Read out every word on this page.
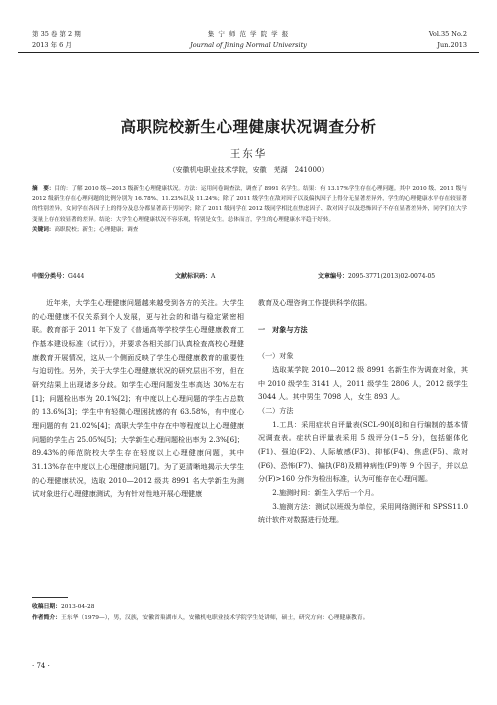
第 35 卷 第 2 期
2013 年 6 月
集 宁 师 范 学 院 学 报
Journal of Jining Normal University
Vol.35 No.2
Jun.2013
高职院校新生心理健康状况调查分析
王东华
（安徽机电职业技术学院，安徽　芜湖　241000）
摘　要：目的：了解 2010 级—2013 级新生心理健康状况。方法：运用问卷调查法，调查了 8991 名学生。结果：有 13.17%学生存在心理问题。其中 2010 级、2011 级与 2012 级新生存在心理问题的比例分别为 16.78%、11.23%以及 11.24%；除了 2011 级学生在敌对因子以及偏执因子上得分无显著差异外，学生的心理健康水平存在较显著的性别差异，女同学在各因子上的得分及总分都显著高于男同学；除了 2011 级同学在 2012 级同学相比在焦虑因子、敌对因子以及恐怖因子不存在显著差异外，同学们在大学变量上存在较显著的差异。结论：大学生心理健康状况不容乐观，特别是女生。总体而言，学生的心理健康水平趋于好转。
关键词：高职院校；新生；心理健康；调查
中图分类号：G444	文献标识码：A	文章编号：2095-3771(2013)02-0074-05

近年来，大学生心理健康问题越来越受到各方的关注。大学生的心理健康不仅关系到个人发展，更与社会的和谐与稳定紧密相联。教育部于 2011 年下发了《普通高等学校学生心理健康教育工作基本建设标准（试行）》，并要求各相关部门认真检查高校心理健康教育开展情况，这从一个侧面反映了学生心理健康教育的重要性与迫切性。另外，关于大学生心理健康状况的研究层出不穷，但在研究结果上出现诸多分歧。如学生心理问题发生率高达 30%左右[1]；问题检出率为 20.1%[2]；有中度以上心理问题的学生占总数的 13.6%[3]；学生中有轻微心理困扰感的有 63.58%，有中度心理问题的有 21.02%[4]；高职大学生中存在中等程度以上心理健康问题的学生占 25.05%[5]；大学新生心理问题检出率为 2.3%[6]；89.43%的师范院校大学生存在轻度以上心理健康问题，其中 31.13%存在中度以上心理健康问题[7]。为了更清晰地揭示大学生的心理健康状况，选取 2010—2012 级共 8991 名大学新生为测试对象进行心理健康测试，为有针对性地开展心理健康

教育及心理咨询工作提供科学依据。

一　对象与方法

（一）对象

选取某学院 2010—2012 级 8991 名新生作为调查对象，其中 2010 级学生 3141 人，2011 级学生 2806 人，2012 级学生 3044 人。其中男生 7098 人，女生 893 人。

（二）方法

1.工具：采用症状自评量表(SCL-90)[8]和自行编制的基本情况调查表。症状自评量表采用 5 级评分(1~5 分)，包括躯体化(F1)、强迫(F2)、人际敏感(F3)、抑郁(F4)、焦虑(F5)、敌对(F6)、恐怖(F7)、偏执(F8)及精神病性(F9)等 9 个因子，并以总分(F)>160 分作为检出标准，认为可能存在心理问题。

2.施测时间：新生入学后一个月。

3.施测方法：测试以班级为单位，采用网络测评和 SPSS11.0 统计软件对数据进行处理。

收稿日期：2013-04-28
作者简介：王东华（1979—），男，汉族，安徽省巢湖市人，安徽机电职业技术学院学生处讲师，硕士，研究方向：心理健康教育。
· 74 ·
